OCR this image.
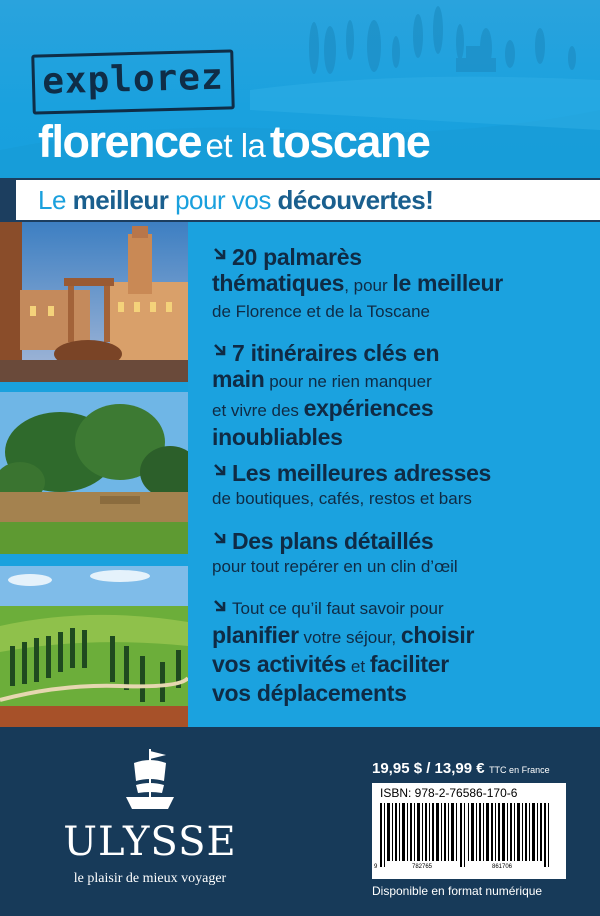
explorez
florence et la toscane
Le meilleur pour vos découvertes!

20 palmarès

thématiques, pour le meilleur

de Florence et de la Toscane

7 itinéraires clés en

main pour ne rien manquer

et vivre des expériences

inoubliables

Les meilleures adresses

de boutiques, cafés, restos et bars

Des plans détaillés

pour tout repérer en un clin d’œil

Tout ce qu’il faut savoir pour

planifier votre séjour, choisir

vos activités et faciliter

vos déplacements

ULYSSE
le plaisir de mieux voyager
19,95 $ / 13,99 € TTC en France
ISBN: 978-2-76586-170-6
9	782765	861706
Disponible en format numérique
